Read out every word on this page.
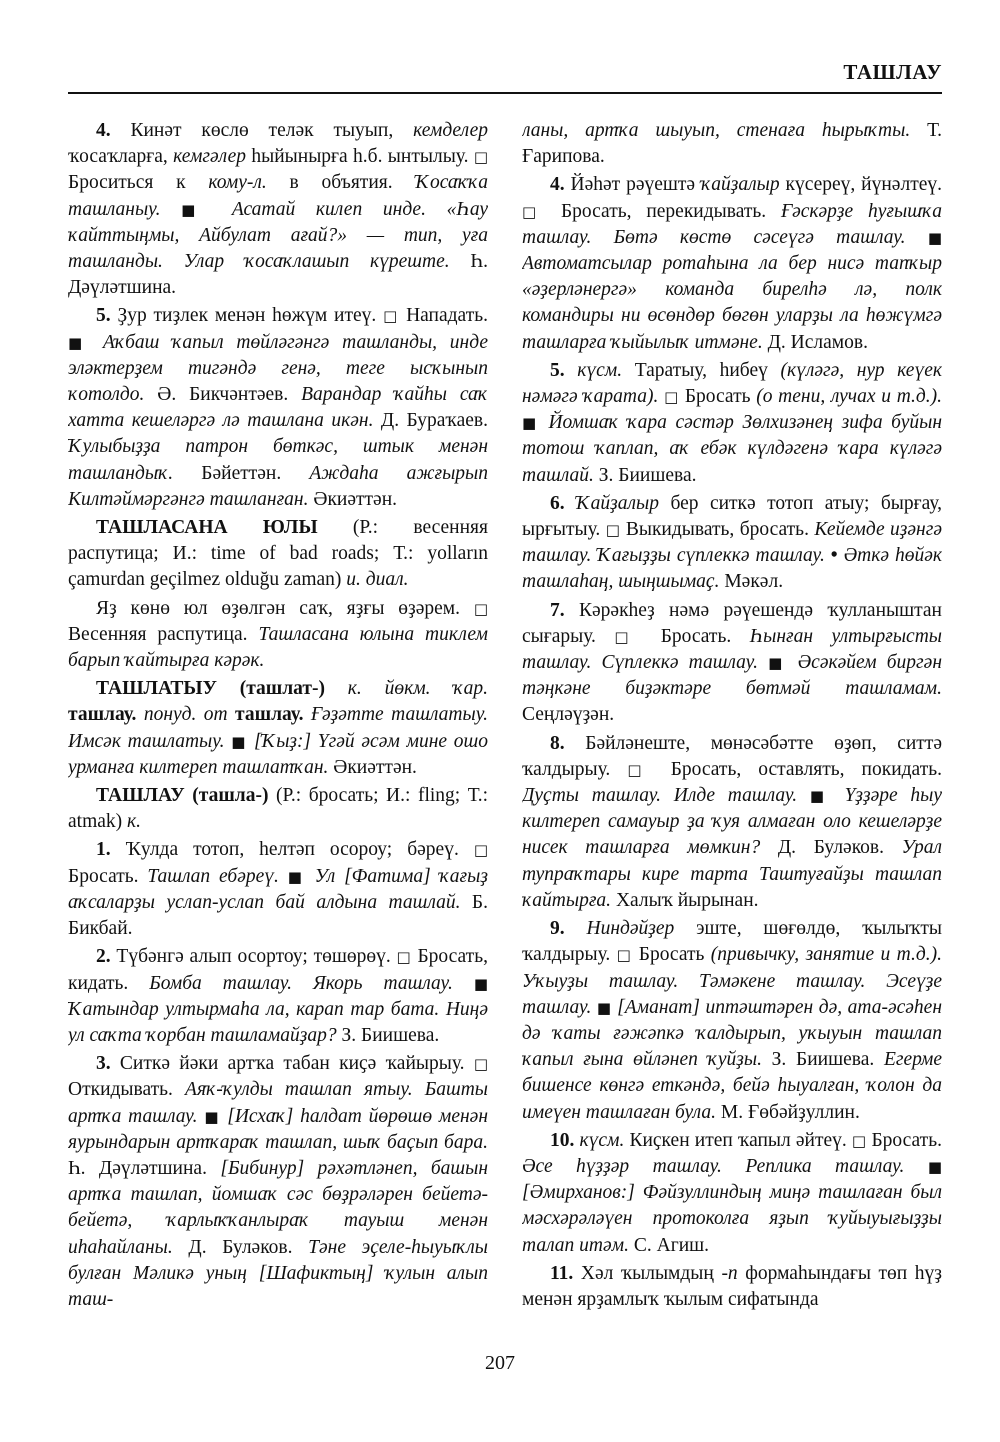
ТАШЛАУ

4. Кинәт көслө теләк тыуып, кемделер ҡосаҡларға, кемгәлер һыйынырға һ.б. ынтылыу. □ Броситься к кому-л. в объятия. Ҡосаҡҡа ташланыу. ■ Асатай килеп инде. «Һау ҡайттыңмы, Айбулат ағай?» — тип, уға ташланды. Улар ҡосаҡлашып күреште. Һ. Дәүләтшина.

5. Ҙур тиҙлек менән һөжүм итеү. □ Нападать. ■ Аҡбаш ҡапыл төйләгәнгә ташланды, инде эләктерҙем тигәндә генә, теге ысҡынып ҡотолдо. Ә. Бикчәнтәев. Варандар ҡайһы саҡ хатта кешеләргә лә ташлана икән. Д. Бураҡаев. Ҡулыбыҙҙа патрон бөткәс, штык менән ташландыҡ. Бәйеттән. Аждаһа ажғырып Килтәймәргәнгә ташланған. Әкиәттән.

ТАШЛАСАНА ЮЛЫ (Р.: весенняя распутица; И.: time of bad roads; Т.: yolların çamurdan geçilmez olduğu zaman) и. диал.

Яҙ көнө юл өҙөлгән саҡ, яҙғы өҙәрем. □ Весенняя распутица. Ташласана юлына тиклем барып ҡайтырға кәрәк.

ТАШЛАТЫУ (ташлат-) к. йөкм. ҡар. ташлау. понуд. от ташлау. Ғәҙәтте ташлатыу. Имсәк ташлатыу. ■ [Ҡыҙ:] Үгәй әсәм мине ошо урманға килтереп ташлатҡан. Әкиәттән.

ТАШЛАУ (ташла-) (Р.: бросать; И.: fling; Т.: atmak) к.

1. Ҡулда тотоп, һелтәп осороу; бәреү. □ Бросать. Ташлап ебәреү. ■ Ул [Фатима] ҡағыҙ аҡсаларҙы услап-услап бай алдына ташлай. Б. Бикбай.

2. Түбәнгә алып осортоу; төшөрөү. □ Бросать, кидать. Бомба ташлау. Якорь ташлау. ■ Ҡатындар ултырмаһа ла, карап тар бата. Ниңә ул саҡта ҡорбан ташламайҙар? З. Биишева.

3. Ситкә йәки артҡа табан киҫә ҡайырыу. □ Откидывать. Аяҡ-ҡулды ташлап ятыу. Башты артҡа ташлау. ■ [Исхаҡ] һалдат йөрөшө менән яурындарын артҡараҡ ташлап, шыҡ баҫып бара. Һ. Дәүләтшина. [Бибинур] рәхәтләнеп, башын артҡа ташлап, йомшаҡ сәс бөҙрәләрен бейетә-бейетә, ҡарлыҡҡанлыраҡ тауыш менән иһаһайланы. Д. Буләков. Тәне эҫеле-һыуыҡлы булған Мәликә уның [Шафиктың] ҡулын алып таш-

ланы, артҡа шыуып, стенаға һырыҡты. Т. Ғарипова.

4. Йәһәт рәүештә ҡайҙалыр күсереү, йүнәлтеү. □ Бросать, перекидывать. Ғәскәрҙе һуғышҡа ташлау. Бөтә көстө сәсеүгә ташлау. ■ Автоматсылар ротаһына ла бер нисә тапҡыр «әҙерләнергә» команда бирелһә лә, полк командиры ни өсөндөр бөгөн уларҙы ла һөжүмгә ташларға ҡыйылыҡ итмәне. Д. Исламов.

5. күсм. Таратыу, һибеү (күләгә, нур кеүек нәмәгә ҡарата). □ Бросать (о тени, лучах и т.д.). ■ Йомшаҡ ҡара сәстәр Зөлхизәнең зифа буйын тотош ҡаплап, аҡ ебәк күлдәгенә ҡара күләгә ташлай. З. Биишева.

6. Ҡайҙалыр бер ситкә тотоп атыу; бырғау, ырғытыу. □ Выкидывать, бросать. Кейемде иҙәнгә ташлау. Ҡағыҙҙы сүплеккә ташлау. • Әткә һөйәк ташлаһаң, шыңшымаҫ. Мәкәл.

7. Кәрәкһеҙ нәмә рәүешендә ҡулланыштан сығарыу. □ Бросать. Һынған ултырғысты ташлау. Сүплеккә ташлау. ■ Әсәкәйем биргән тәңкәне биҙәктәре бөтмәй ташламам. Сеңләүҙән.

8. Бәйләнеште, мөнәсәбәтте өҙөп, ситтә ҡалдырыу. □ Бросать, оставлять, покидать. Дуҫты ташлау. Илде ташлау. ■ Үҙҙәре һыу килтереп самауыр ҙа ҡуя алмаған оло кешеләрҙе нисек ташларға мөмкин? Д. Буләков. Урал тупраҡтары кире тарта Таштуғайҙы ташлап ҡайтырға. Халыҡ йырынан.

9. Ниндәйҙер эште, шөғөлдө, ҡылыҡты ҡалдырыу. □ Бросать (привычку, занятие и т.д.). Уҡыуҙы ташлау. Тәмәкене ташлау. Эсеүҙе ташлау. ■ [Аманат] иптәштәрен дә, ата-әсәһен дә ҡаты ғәжәпкә ҡалдырып, уҡыуын ташлап ҡапыл ғына өйләнеп ҡуйҙы. З. Биишева. Егерме бишенсе көнгә еткәндә, бейә һыуалған, ҡолон да имеүен ташлаған була. М. Ғөбәйҙуллин.

10. күсм. Киҫкен итеп ҡапыл әйтеү. □ Бросать. Әсе һүҙҙәр ташлау. Реплика ташлау. ■ [Әмирханов:] Фәйзуллиндың миңә ташлаған был мәсхәрәләүен протоколға яҙып ҡуйыуығыҙҙы талап итәм. С. Агиш.

11. Хәл ҡылымдың -п формаһындағы төп һүҙ менән ярҙамлыҡ ҡылым сифатында

207
